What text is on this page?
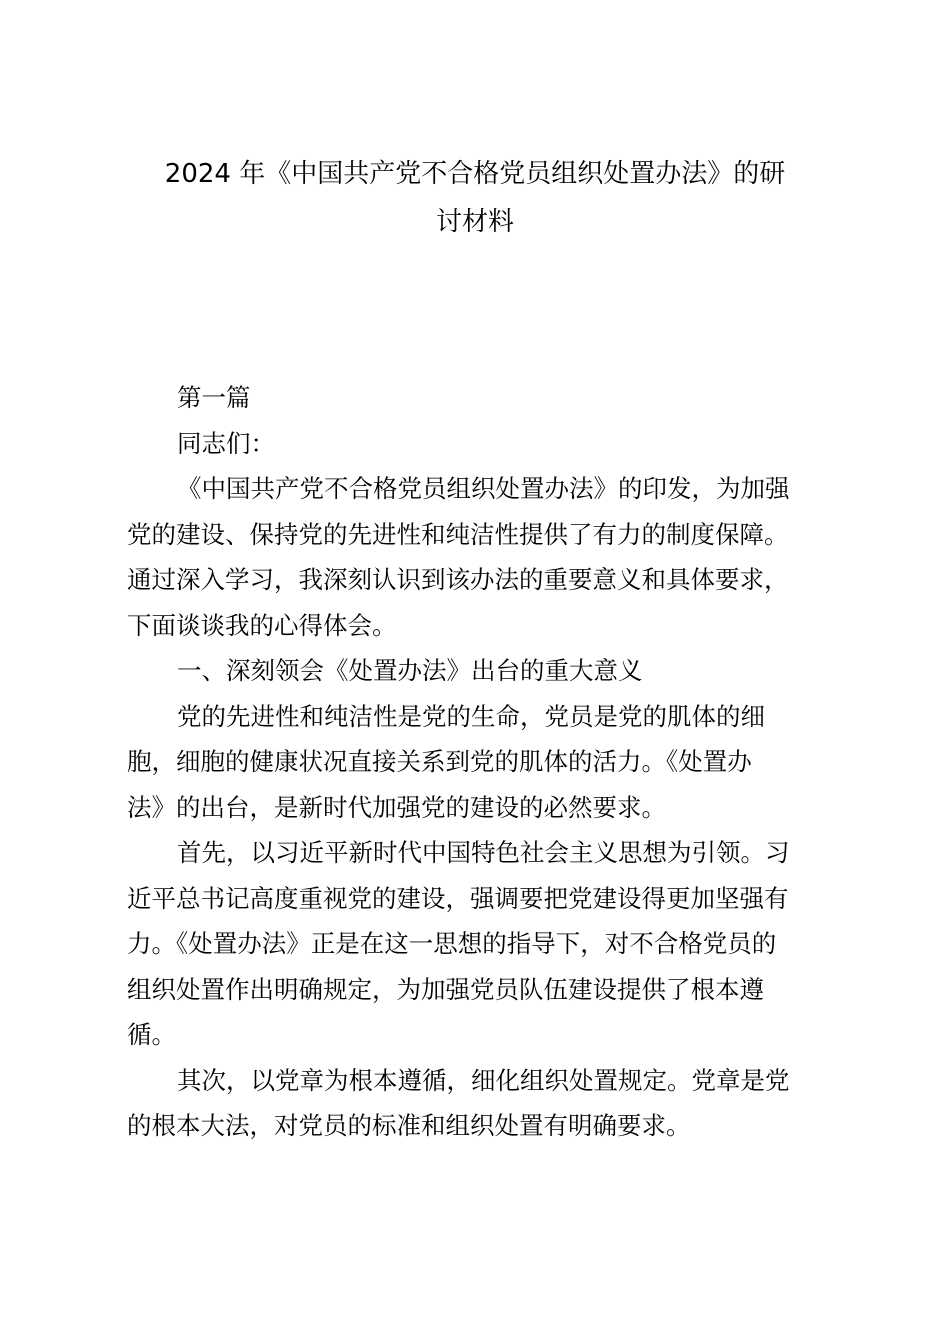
2024 年《中国共产党不合格党员组织处置办法》的研
讨材料
第一篇
同志们：
《中国共产党不合格党员组织处置办法》的印发，为加强
党的建设、保持党的先进性和纯洁性提供了有力的制度保障。
通过深入学习，我深刻认识到该办法的重要意义和具体要求，
下面谈谈我的心得体会。
一、深刻领会《处置办法》出台的重大意义
党的先进性和纯洁性是党的生命，党员是党的肌体的细
胞，细胞的健康状况直接关系到党的肌体的活力。《处置办
法》的出台，是新时代加强党的建设的必然要求。
首先，以习近平新时代中国特色社会主义思想为引领。习
近平总书记高度重视党的建设，强调要把党建设得更加坚强有
力。《处置办法》正是在这一思想的指导下，对不合格党员的
组织处置作出明确规定，为加强党员队伍建设提供了根本遵
循。
其次，以党章为根本遵循，细化组织处置规定。党章是党
的根本大法，对党员的标准和组织处置有明确要求。
